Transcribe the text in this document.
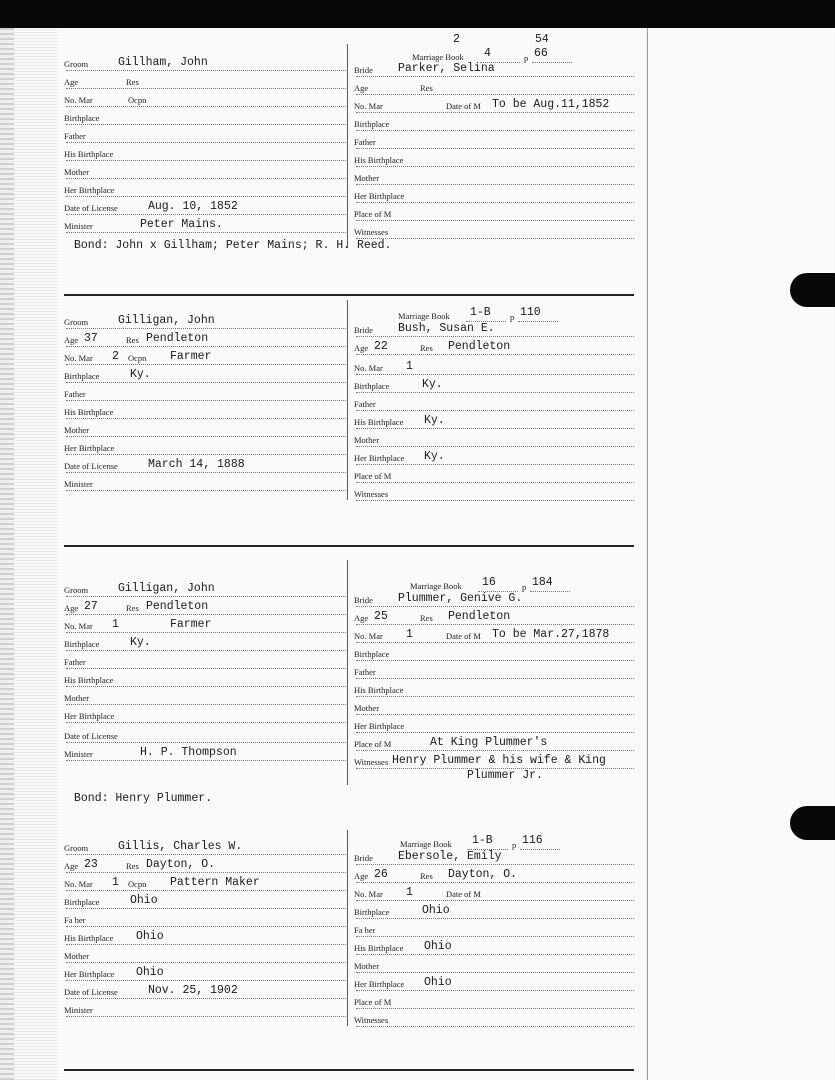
Marriage Book 4	p 66
2	54
Groom	Gillham, John
Age	Res
No. Mar	Ocpn
Birthplace
Father
His Birthplace
Mother
Her Birthplace
Date of License	Aug. 10, 1852
Minister	Peter Mains.
Bride Parker, Selina
Age	Res
No. Mar	Date of M To be Aug.11,1852
Birthplace
Father
His Birthplace
Mother
Her Birthplace
Place of M
Witnesses
Bond: John x Gillham; Peter Mains; R. H. Reed.
Marriage Book 1-B p 110
Groom	Gilligan, John
Age 37	Res Pendleton
No. Mar 2 Ocpn Farmer
Birthplace	Ky.
Father
His Birthplace
Mother
Her Birthplace
Date of License	March 14, 1888
Minister
Bride Bush, Susan E.
Age 22	Res Pendleton
No. Mar 1
Birthplace	Ky.
Father
His Birthplace Ky.
Mother
Her Birthplace Ky.
Place of M
Witnesses
Marriage Book 16	p 184
Groom	Gilligan, John
Age 27	Res Pendleton
No. Mar 1	Farmer
Birthplace	Ky.
Father
His Birthplace
Mother
Her Birthplace
Date of License
Minister	H. P. Thompson
Bride Plummer, Genive G.
Age 25	Res Pendleton
No. Mar 1	Date of M To be Mar.27,1878
Birthplace
Father
His Birthplace
Mother
Her Birthplace
Place of M	At King Plummer's
Witnesses Henry Plummer & his wife & King
Plummer Jr.
Bond: Henry Plummer.
Marriage Book 1-B p 116
Groom	Gillis, Charles W.
Age 23	Res Dayton, O.
No. Mar 1 Ocpn Pattern Maker
Birthplace	Ohio
Fa her
His Birthplace Ohio
Mother
Her Birthplace Ohio
Date of License	Nov. 25, 1902
Minister
Bride Ebersole, Emily
Age 26	Res Dayton, O.
No. Mar 1	Date of M
Birthplace	Ohio
Fa her
His Birthplace Ohio
Mother
Her Birthplace Ohio
Place of M
Witnesses
